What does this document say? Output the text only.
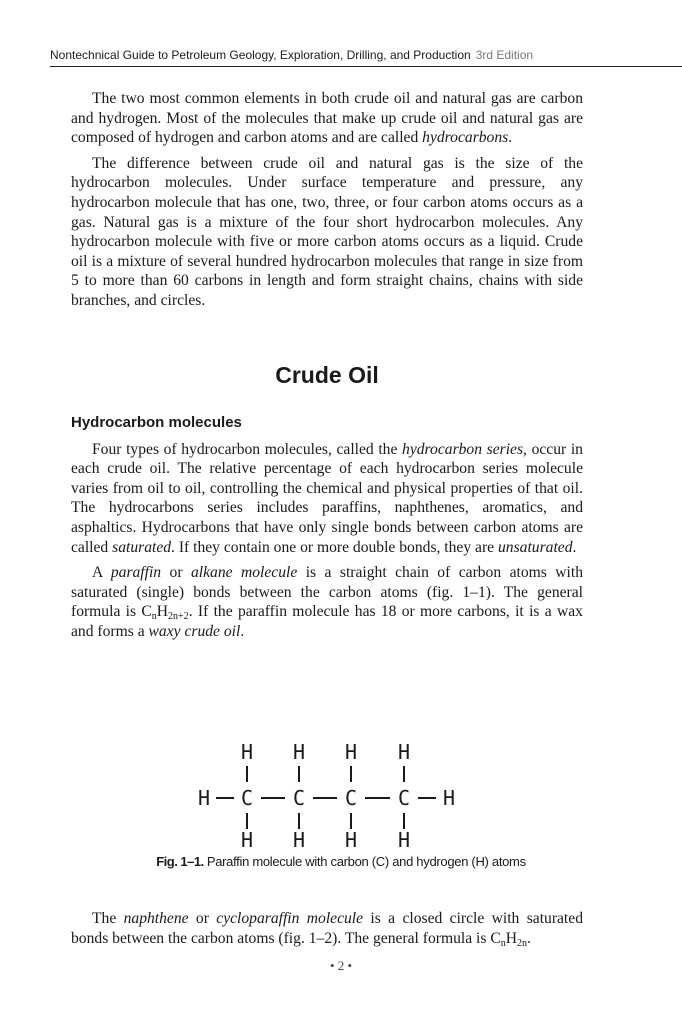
Nontechnical Guide to Petroleum Geology, Exploration, Drilling, and Production 3rd Edition

The two most common elements in both crude oil and natural gas are carbon and hydrogen. Most of the molecules that make up crude oil and natural gas are composed of hydrogen and carbon atoms and are called hydrocarbons.

The difference between crude oil and natural gas is the size of the hydrocarbon molecules. Under surface temperature and pressure, any hydrocarbon molecule that has one, two, three, or four carbon atoms occurs as a gas. Natural gas is a mixture of the four short hydrocarbon molecules. Any hydrocarbon molecule with five or more carbon atoms occurs as a liquid. Crude oil is a mixture of several hundred hydrocarbon molecules that range in size from 5 to more than 60 carbons in length and form straight chains, chains with side branches, and circles.

Crude Oil
Hydrocarbon molecules

Four types of hydrocarbon molecules, called the hydrocarbon series, occur in each crude oil. The relative percentage of each hydrocarbon series molecule varies from oil to oil, controlling the chemical and physical properties of that oil. The hydrocarbons series includes paraffins, naphthenes, aromatics, and asphaltics. Hydrocarbons that have only single bonds between carbon atoms are called saturated. If they contain one or more double bonds, they are unsaturated.

A paraffin or alkane molecule is a straight chain of carbon atoms with saturated (single) bonds between the carbon atoms (fig. 1–1). The general formula is $C_nH_{2n+2}$. If the paraffin molecule has 18 or more carbons, it is a wax and forms a waxy crude oil.

H H H H
H C C C C H
H H H H
Fig. 1–1. Paraffin molecule with carbon (C) and hydrogen (H) atoms

The naphthene or cycloparaffin molecule is a closed circle with saturated bonds between the carbon atoms (fig. 1–2). The general formula is $C_nH_{2n}$.

• 2 •
